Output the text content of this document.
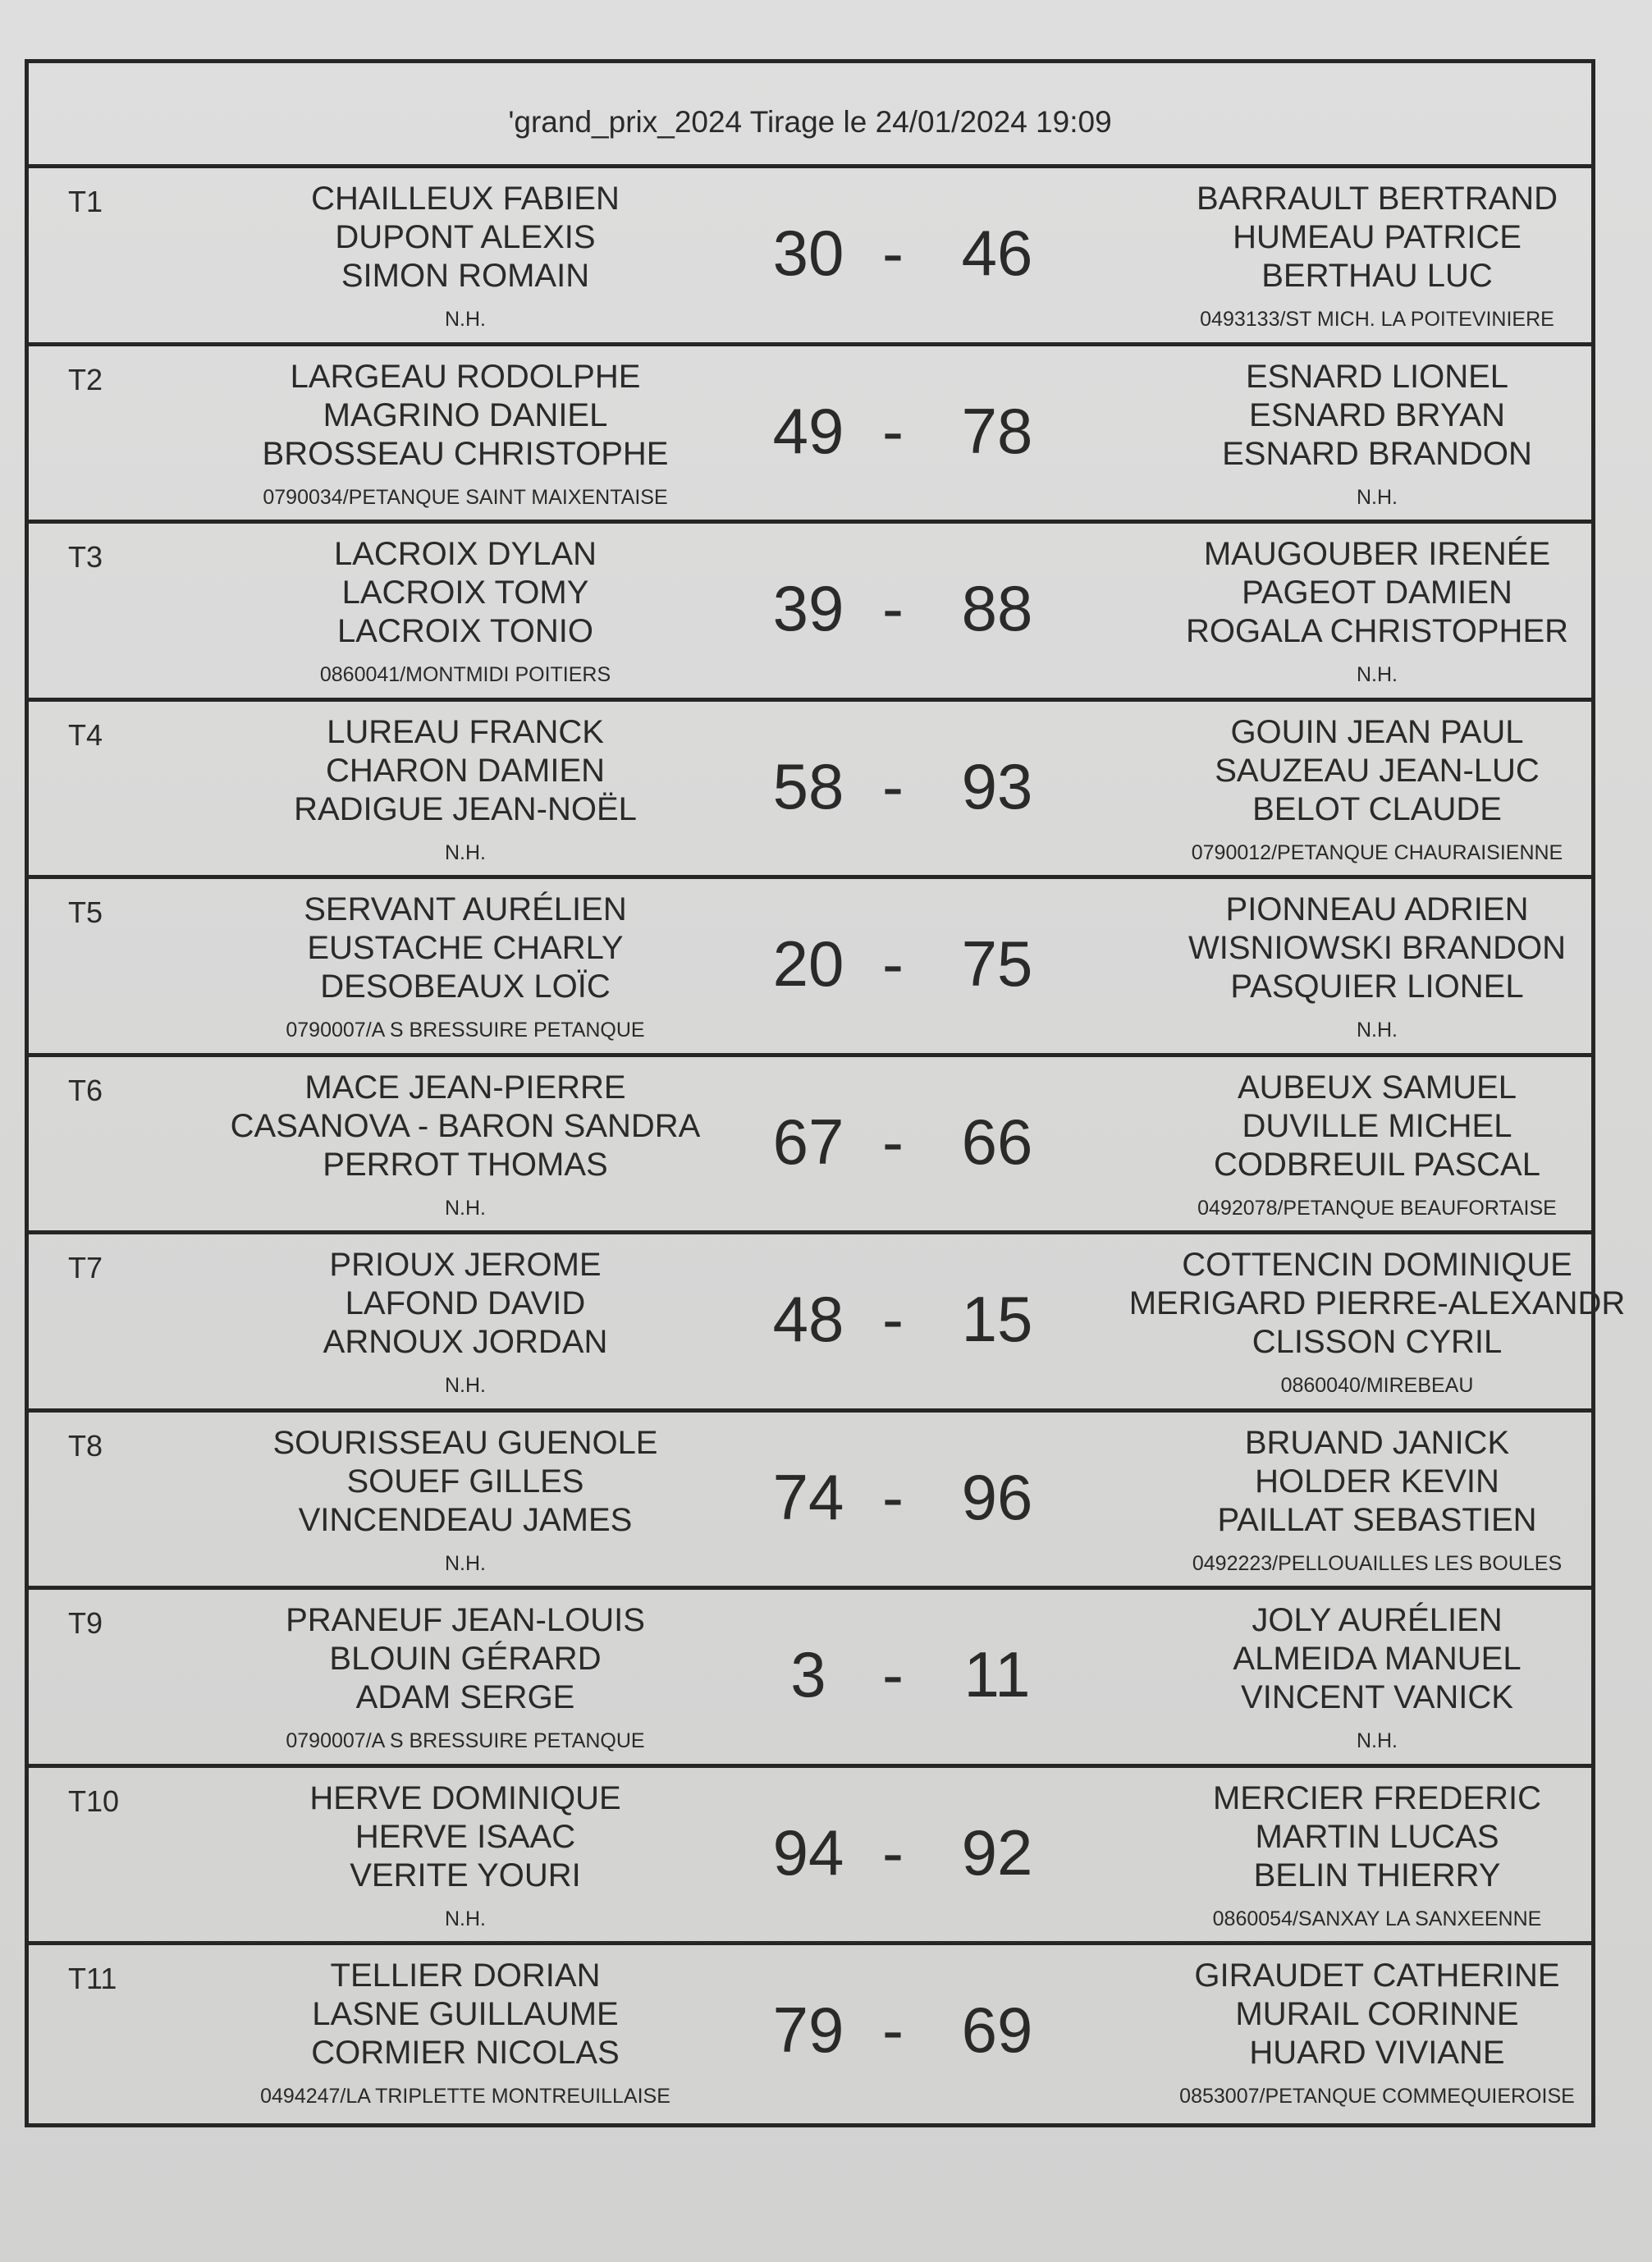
'grand_prix_2024 Tirage le 24/01/2024 19:09
T1	CHAILLEUX FABIEN
DUPONT ALEXIS
SIMON ROMAIN
N.H.
30 - 46
BARRAULT BERTRAND
HUMEAU PATRICE
BERTHAU LUC
0493133/ST MICH. LA POITEVINIERE
T2	LARGEAU RODOLPHE
MAGRINO DANIEL
BROSSEAU CHRISTOPHE
0790034/PETANQUE SAINT MAIXENTAISE
49 - 78
ESNARD LIONEL
ESNARD BRYAN
ESNARD BRANDON
N.H.
T3	LACROIX DYLAN
LACROIX TOMY
LACROIX TONIO
0860041/MONTMIDI POITIERS
39 - 88
MAUGOUBER IRENÉE
PAGEOT DAMIEN
ROGALA CHRISTOPHER
N.H.
T4	LUREAU FRANCK
CHARON DAMIEN
RADIGUE JEAN-NOËL
N.H.
58 - 93
GOUIN JEAN PAUL
SAUZEAU JEAN-LUC
BELOT CLAUDE
0790012/PETANQUE CHAURAISIENNE
T5	SERVANT AURÉLIEN
EUSTACHE CHARLY
DESOBEAUX LOÏC
0790007/A S BRESSUIRE PETANQUE
20 - 75
PIONNEAU ADRIEN
WISNIOWSKI BRANDON
PASQUIER LIONEL
N.H.
T6	MACE JEAN-PIERRE
CASANOVA - BARON SANDRA
PERROT THOMAS
N.H.
67 - 66
AUBEUX SAMUEL
DUVILLE MICHEL
CODBREUIL PASCAL
0492078/PETANQUE BEAUFORTAISE
T7	PRIOUX JEROME
LAFOND DAVID
ARNOUX JORDAN
N.H.
48 - 15
COTTENCIN DOMINIQUE
MERIGARD PIERRE-ALEXANDR
CLISSON CYRIL
0860040/MIREBEAU
T8	SOURISSEAU GUENOLE
SOUEF GILLES
VINCENDEAU JAMES
N.H.
74 - 96
BRUAND JANICK
HOLDER KEVIN
PAILLAT SEBASTIEN
0492223/PELLOUAILLES LES BOULES
T9	PRANEUF JEAN-LOUIS
BLOUIN GÉRARD
ADAM SERGE
0790007/A S BRESSUIRE PETANQUE
3 - 11
JOLY AURÉLIEN
ALMEIDA MANUEL
VINCENT VANICK
N.H.
T10	HERVE DOMINIQUE
HERVE ISAAC
VERITE YOURI
N.H.
94 - 92
MERCIER FREDERIC
MARTIN LUCAS
BELIN THIERRY
0860054/SANXAY LA SANXEENNE
T11	TELLIER DORIAN
LASNE GUILLAUME
CORMIER NICOLAS
0494247/LA TRIPLETTE MONTREUILLAISE
79 - 69
GIRAUDET CATHERINE
MURAIL CORINNE
HUARD VIVIANE
0853007/PETANQUE COMMEQUIEROISE
